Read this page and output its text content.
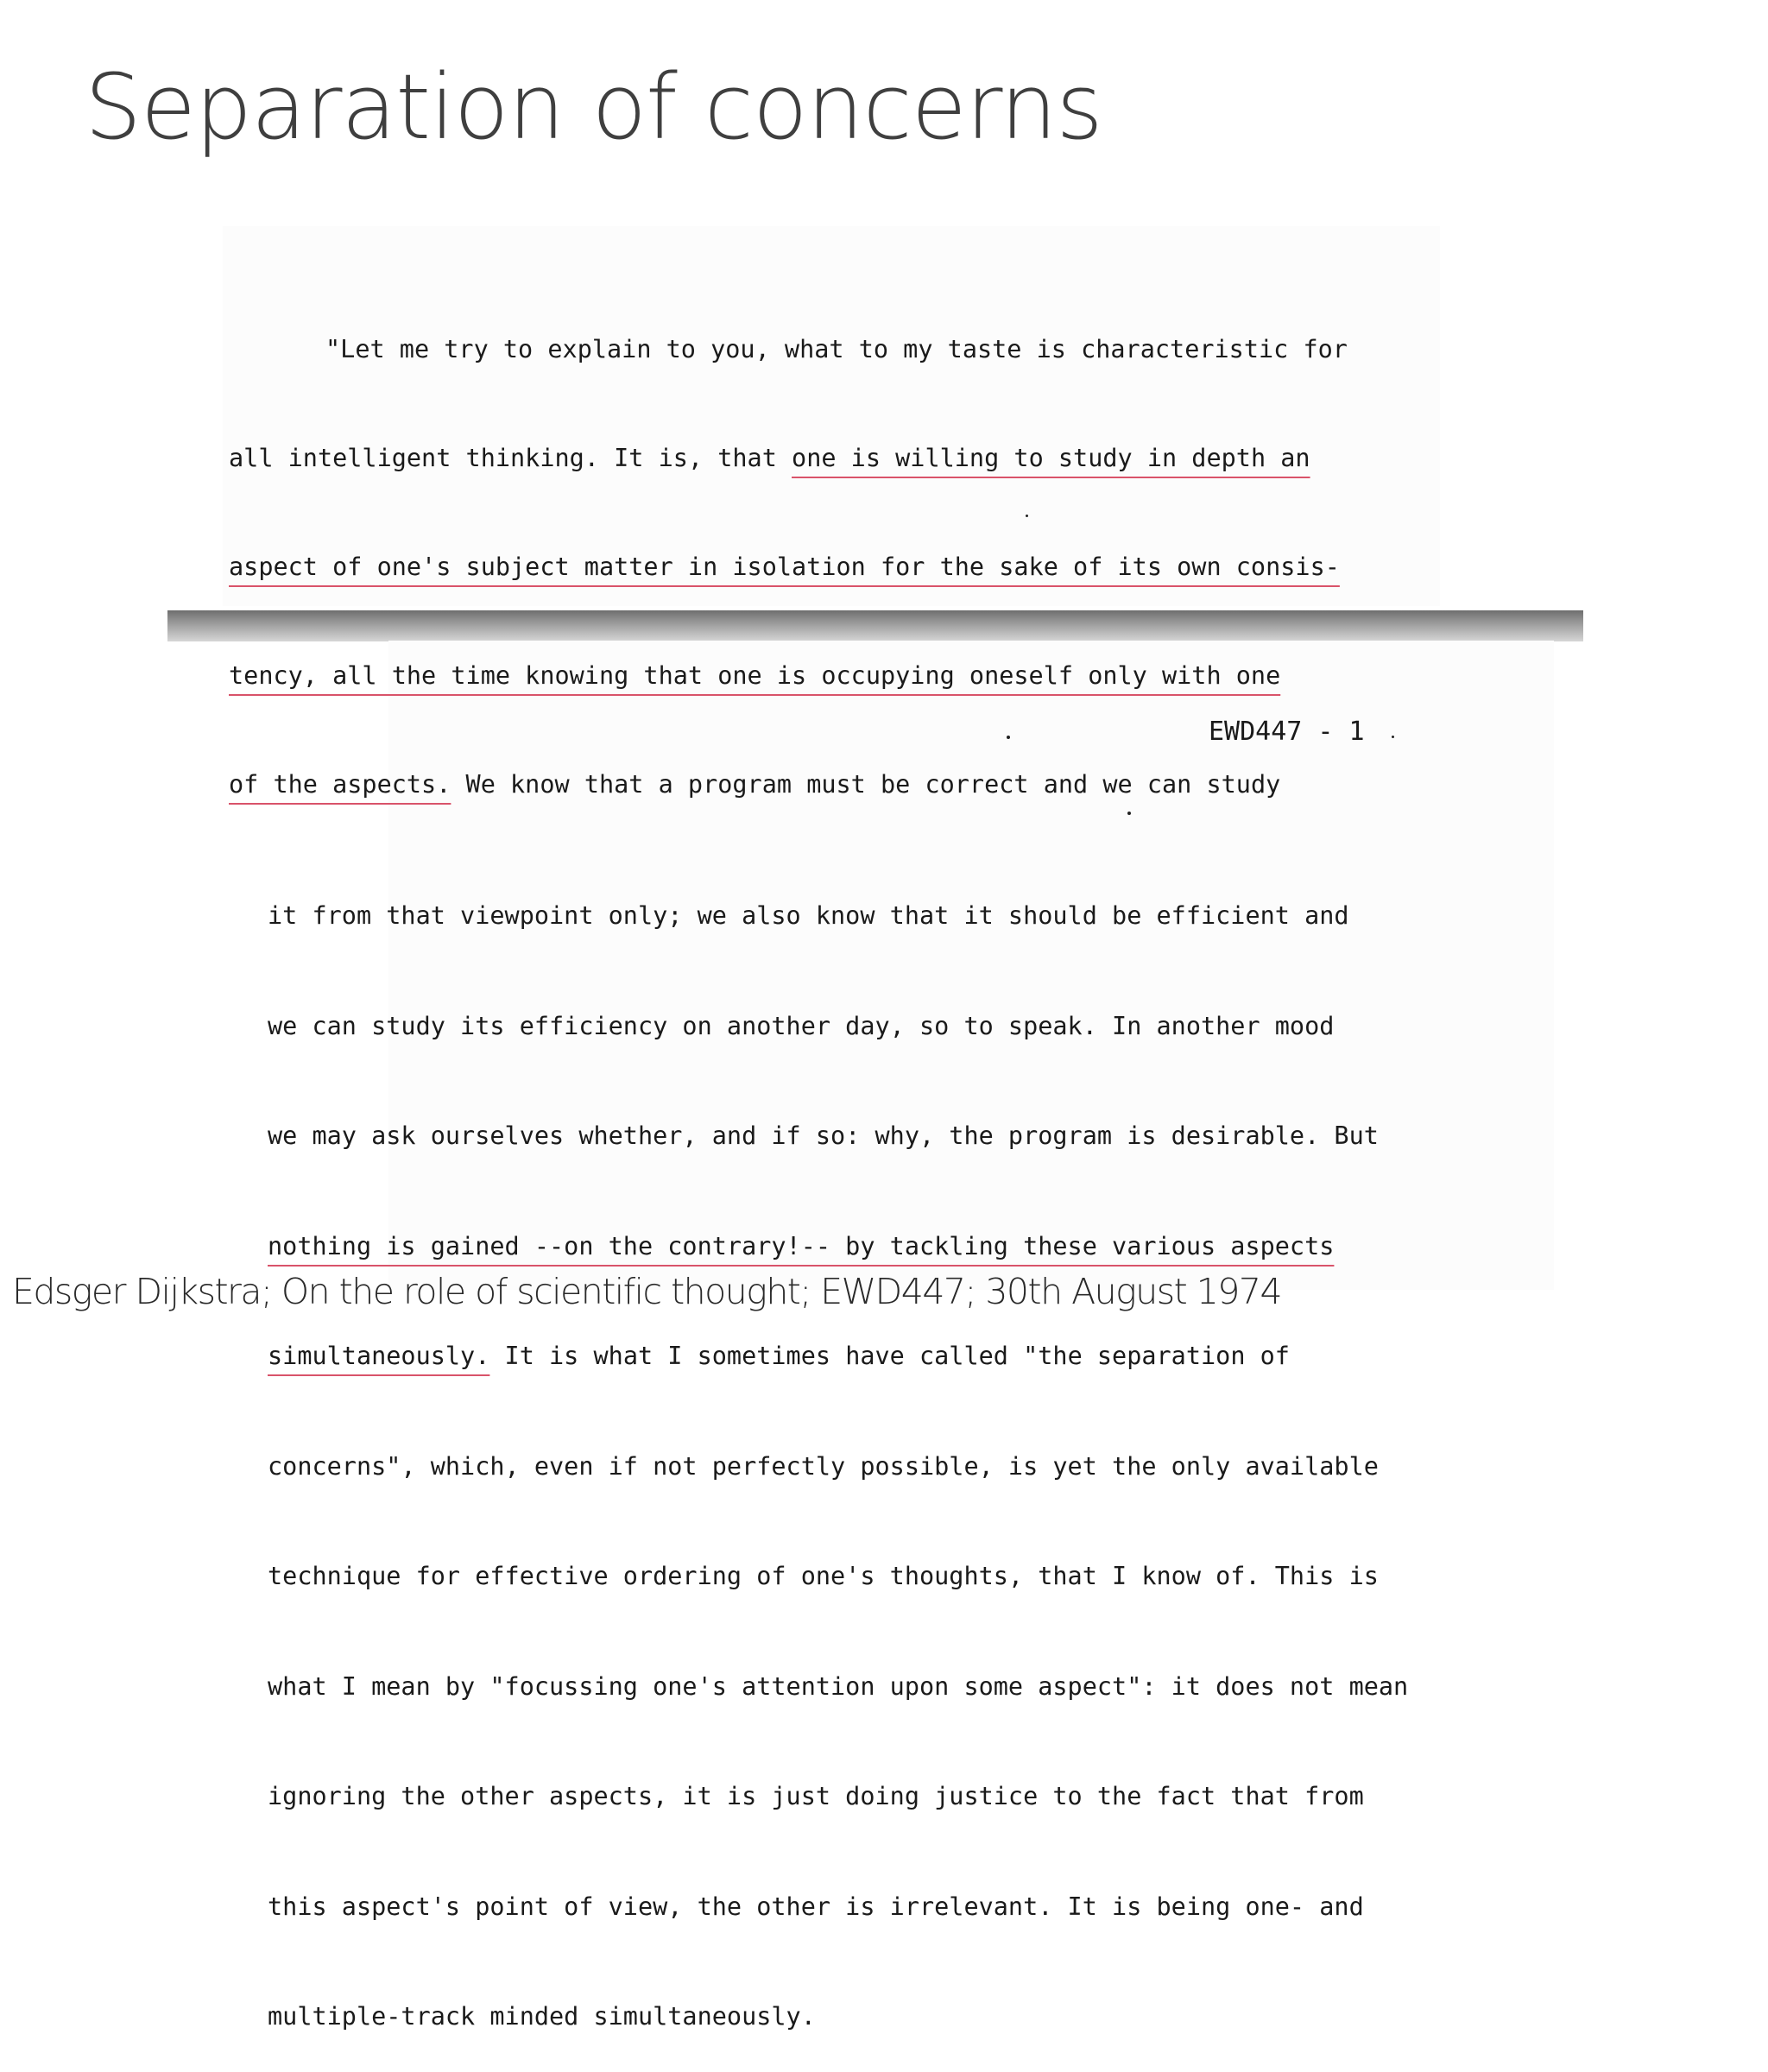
Separation of concerns

"Let me try to explain to you, what to my taste is characteristic for

all intelligent thinking. It is, that one is willing to study in depth an

aspect of one's subject matter in isolation for the sake of its own consis-

tency, all the time knowing that one is occupying oneself only with one

of the aspects. We know that a program must be correct and we can study

EWD447 - 1

it from that viewpoint only; we also know that it should be efficient and

we can study its efficiency on another day, so to speak. In another mood

we may ask ourselves whether, and if so: why, the program is desirable. But

nothing is gained --on the contrary!-- by tackling these various aspects

simultaneously. It is what I sometimes have called "the separation of

concerns", which, even if not perfectly possible, is yet the only available

technique for effective ordering of one's thoughts, that I know of. This is

what I mean by "focussing one's attention upon some aspect": it does not mean

ignoring the other aspects, it is just doing justice to the fact that from

this aspect's point of view, the other is irrelevant. It is being one- and

multiple-track minded simultaneously.

Edsger Dijkstra; On the role of scientific thought; EWD447; 30th August 1974
